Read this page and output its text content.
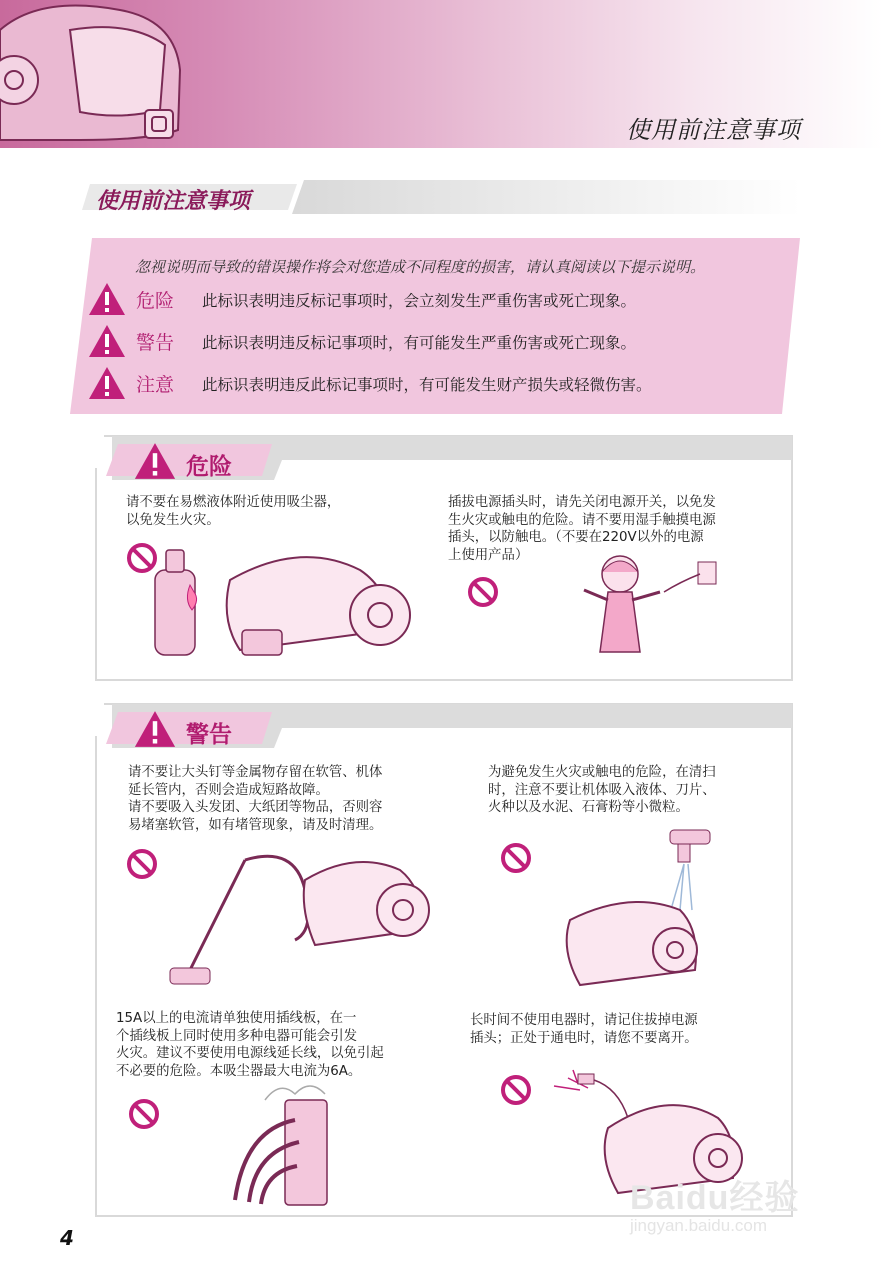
使用前注意事项
使用前注意事项
忽视说明而导致的错误操作将会对您造成不同程度的损害，请认真阅读以下提示说明。
危险 此标识表明违反标记事项时，会立刻发生严重伤害或死亡现象。
警告 此标识表明违反标记事项时，有可能发生严重伤害或死亡现象。
注意 此标识表明违反此标记事项时，有可能发生财产损失或轻微伤害。
危险
请不要在易燃液体附近使用吸尘器，
以免发生火灾。
插拔电源插头时，请先关闭电源开关，以免发
生火灾或触电的危险。请不要用湿手触摸电源
插头，以防触电。（不要在220V以外的电源
上使用产品）
警告
请不要让大头钉等金属物存留在软管、机体
延长管内，否则会造成短路故障。
请不要吸入头发团、大纸团等物品，否则容
易堵塞软管，如有堵管现象，请及时清理。
为避免发生火灾或触电的危险，在清扫
时，注意不要让机体吸入液体、刀片、
火种以及水泥、石膏粉等小微粒。
15A以上的电流请单独使用插线板，在一
个插线板上同时使用多种电器可能会引发
火灾。建议不要使用电源线延长线，以免引起
不必要的危险。本吸尘器最大电流为6A。
长时间不使用电器时，请记住拔掉电源
插头；正处于通电时，请您不要离开。
4
Baidu经验
jingyan.baidu.com
